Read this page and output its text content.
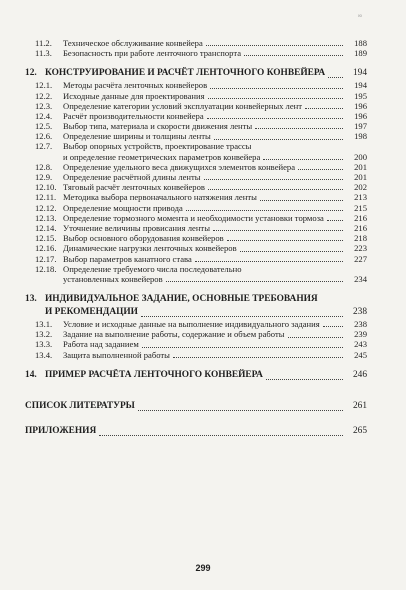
ю
11.2.	Техническое обслуживание конвейера	188
11.3.	Безопасность при работе ленточного транспорта	189
12. КОНСТРУИРОВАНИЕ И РАСЧЁТ ЛЕНТОЧНОГО КОНВЕЙЕРА	194
12.1.	Методы расчёта ленточных конвейеров	194
12.2.	Исходные данные для проектирования	195
12.3.	Определение категории условий эксплуатации конвейерных лент	196
12.4.	Расчёт производительности конвейера	196
12.5.	Выбор типа, материала и скорости движения ленты	197
12.6.	Определение ширины и толщины ленты	198
12.7.	Выбор опорных устройств, проектирование трассы
и определение геометрических параметров конвейера	200
12.8.	Определение удельного веса движущихся элементов конвейера	201
12.9.	Определение расчётной длины ленты	201
12.10. Тяговый расчёт ленточных конвейеров	202
12.11. Методика выбора первоначального натяжения ленты	213
12.12. Определение мощности привода	215
12.13. Определение тормозного момента и необходимости установки тормоза	216
12.14. Уточнение величины провисания ленты	216
12.15. Выбор основного оборудования конвейеров	218
12.16. Динамические нагрузки ленточных конвейеров	223
12.17. Выбор параметров канатного става	227
12.18. Определение требуемого числа последовательно
установленных конвейеров	234
13. ИНДИВИДУАЛЬНОЕ ЗАДАНИЕ, ОСНОВНЫЕ ТРЕБОВАНИЯ
И РЕКОМЕНДАЦИИ	238
13.1.	Условие и исходные данные на выполнение индивидуального задания	238
13.2.	Задание на выполнение работы, содержание и объем работы	239
13.3.	Работа над заданием	243
13.4.	Защита выполненной работы	245
14. ПРИМЕР РАСЧЁТА ЛЕНТОЧНОГО КОНВЕЙЕРА	246
СПИСОК ЛИТЕРАТУРЫ	261
ПРИЛОЖЕНИЯ	265
299
